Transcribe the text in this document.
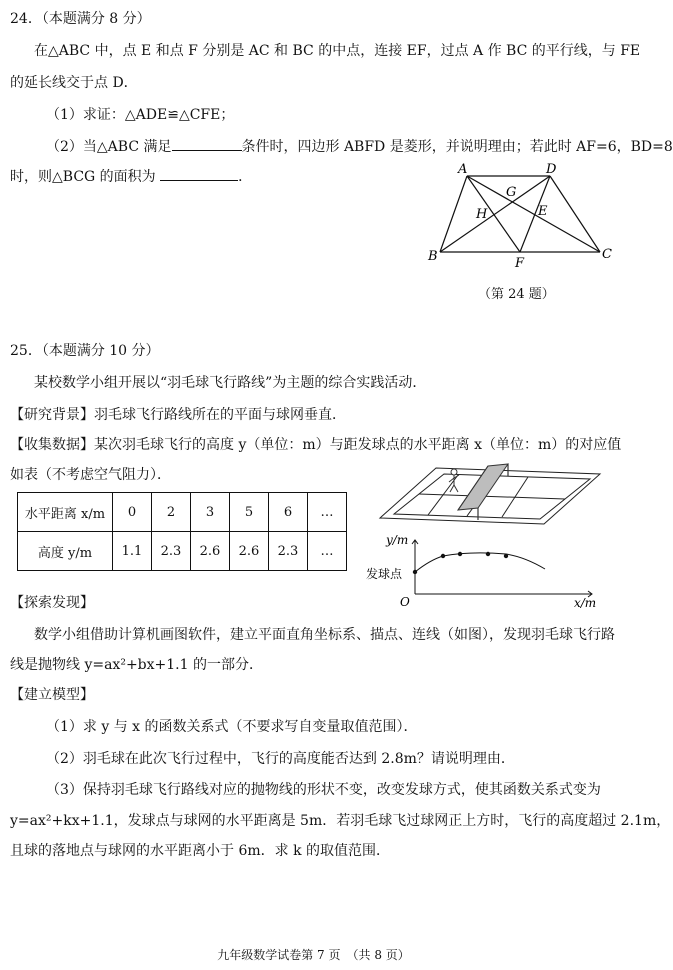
24．（本题满分 8 分）
在△ABC 中，点 E 和点 F 分别是 AC 和 BC 的中点，连接 EF，过点 A 作 BC 的平行线，与 FE
的延长线交于点 D．
（1）求证：△ADE≌△CFE；
（2）当△ABC 满足	条件时，四边形 ABFD 是菱形，并说明理由；若此时 AF=6，BD=8
时，则△BCG 的面积为	．	A	D
G
H	E
B	F
C
（第 24 题）
25．（本题满分 10 分）
某校数学小组开展以“羽毛球飞行路线”为主题的综合实践活动．
【研究背景】羽毛球飞行路线所在的平面与球网垂直．
【收集数据】某次羽毛球飞行的高度 y（单位：m）与距发球点的水平距离 x（单位：m）的对应值
如表（不考虑空气阻力）．
水平距离 x/m	0	2	3	5	6	…
高度 y/m	1.1	2.3	2.6	2.6	2.3	…
y/m
发球点
O	x/m
【探索发现】
数学小组借助计算机画图软件，建立平面直角坐标系、描点、连线（如图），发现羽毛球飞行路
线是抛物线 y=ax²+bx+1.1 的一部分．
【建立模型】
（1）求 y 与 x 的函数关系式（不要求写自变量取值范围）．
（2）羽毛球在此次飞行过程中，飞行的高度能否达到 2.8m？请说明理由．
（3）保持羽毛球飞行路线对应的抛物线的形状不变，改变发球方式，使其函数关系式变为
y=ax²+kx+1.1，发球点与球网的水平距离是 5m．若羽毛球飞过球网正上方时，飞行的高度超过 2.1m，
且球的落地点与球网的水平距离小于 6m．求 k 的取值范围．
九年级数学试卷第 7 页　（共 8 页）
